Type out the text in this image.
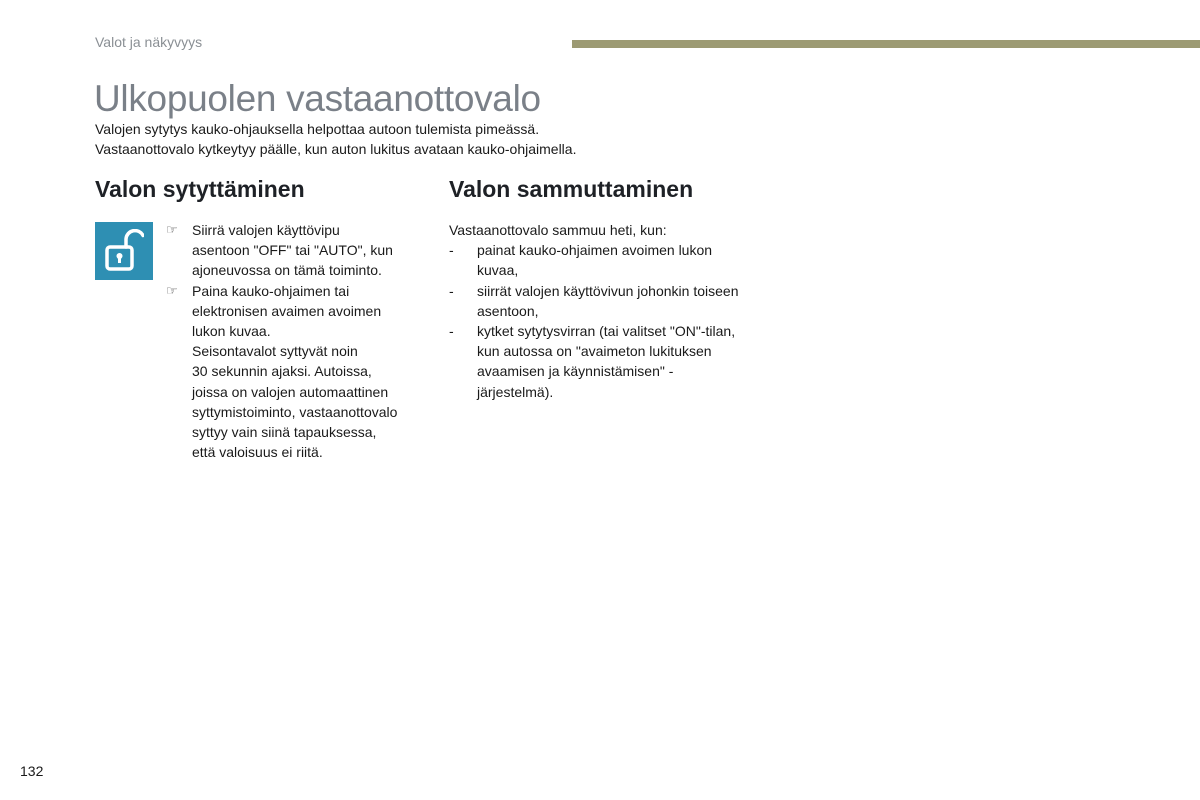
Valot ja näkyvyys
Ulkopuolen vastaanottovalo

Valojen sytytys kauko-ohjauksella helpottaa autoon tulemista pimeässä.

Vastaanottovalo kytkeytyy päälle, kun auton lukitus avataan kauko-ohjaimella.

Valon sytyttäminen	Valon sammuttaminen
☞ Siirrä valojen käyttövipu
asentoon "OFF" tai "AUTO", kun
ajoneuvossa on tämä toiminto.
☞ Paina kauko-ohjaimen tai
elektronisen avaimen avoimen
lukon kuvaa.
Seisontavalot syttyvät noin
30 sekunnin ajaksi. Autoissa,
joissa on valojen automaattinen
syttymistoiminto, vastaanottovalo
syttyy vain siinä tapauksessa,
että valoisuus ei riitä.

Vastaanottovalo sammuu heti, kun:

- painat kauko-ohjaimen avoimen lukon
kuvaa,
- siirrät valojen käyttövivun johonkin toiseen
asentoon,
- kytket sytytysvirran (tai valitset "ON"-tilan,
kun autossa on "avaimeton lukituksen
avaamisen ja käynnistämisen" -
järjestelmä).
132
